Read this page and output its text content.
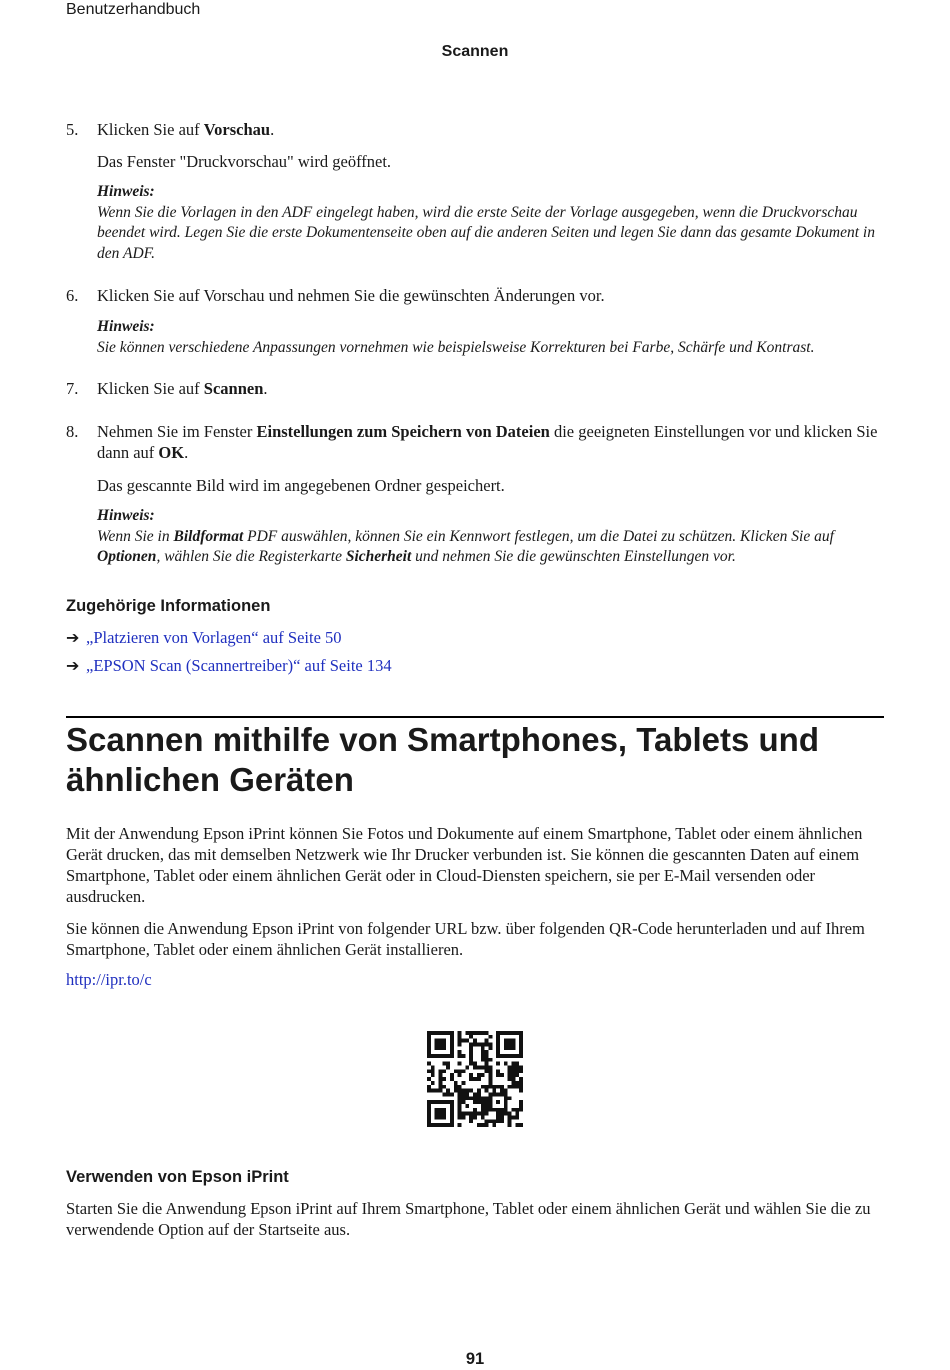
Benutzerhandbuch
Scannen
5. Klicken Sie auf Vorschau.
Das Fenster "Druckvorschau" wird geöffnet.
Hinweis:
Wenn Sie die Vorlagen in den ADF eingelegt haben, wird die erste Seite der Vorlage ausgegeben, wenn die Druckvorschau beendet wird. Legen Sie die erste Dokumentenseite oben auf die anderen Seiten und legen Sie dann das gesamte Dokument in den ADF.
6. Klicken Sie auf Vorschau und nehmen Sie die gewünschten Änderungen vor.
Hinweis:
Sie können verschiedene Anpassungen vornehmen wie beispielsweise Korrekturen bei Farbe, Schärfe und Kontrast.
7. Klicken Sie auf Scannen.
8. Nehmen Sie im Fenster Einstellungen zum Speichern von Dateien die geeigneten Einstellungen vor und klicken Sie dann auf OK.
Das gescannte Bild wird im angegebenen Ordner gespeichert.
Hinweis:
Wenn Sie in Bildformat PDF auswählen, können Sie ein Kennwort festlegen, um die Datei zu schützen. Klicken Sie auf Optionen, wählen Sie die Registerkarte Sicherheit und nehmen Sie die gewünschten Einstellungen vor.
Zugehörige Informationen
➔ „Platzieren von Vorlagen“ auf Seite 50
➔ „EPSON Scan (Scannertreiber)“ auf Seite 134
Scannen mithilfe von Smartphones, Tablets und ähnlichen Geräten
Mit der Anwendung Epson iPrint können Sie Fotos und Dokumente auf einem Smartphone, Tablet oder einem ähnlichen Gerät drucken, das mit demselben Netzwerk wie Ihr Drucker verbunden ist. Sie können die gescannten Daten auf einem Smartphone, Tablet oder einem ähnlichen Gerät oder in Cloud-Diensten speichern, sie per E-Mail versenden oder ausdrucken.
Sie können die Anwendung Epson iPrint von folgender URL bzw. über folgenden QR-Code herunterladen und auf Ihrem Smartphone, Tablet oder einem ähnlichen Gerät installieren.
http://ipr.to/c
Verwenden von Epson iPrint
Starten Sie die Anwendung Epson iPrint auf Ihrem Smartphone, Tablet oder einem ähnlichen Gerät und wählen Sie die zu verwendende Option auf der Startseite aus.
91
